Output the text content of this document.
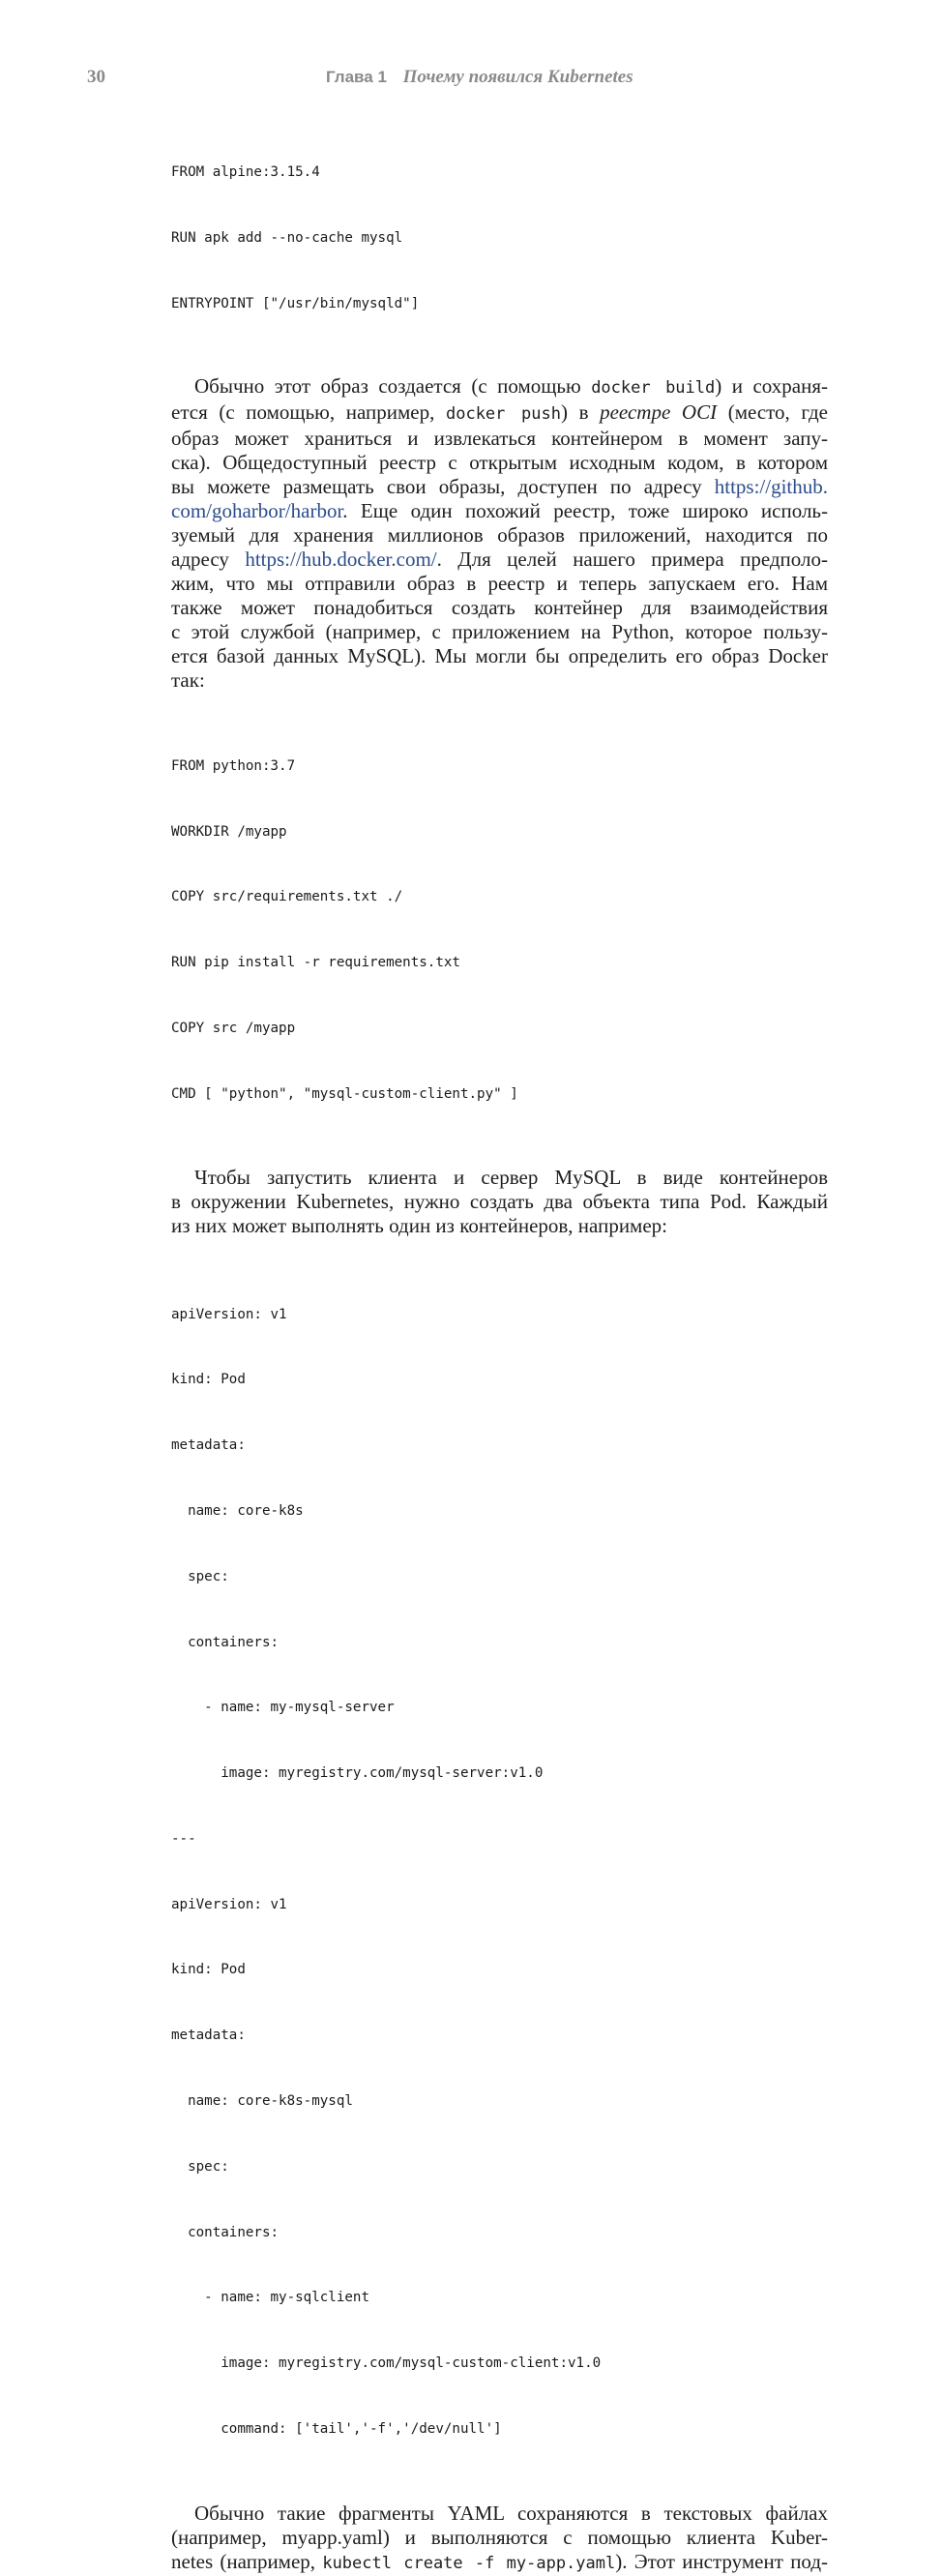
30	Глава 1 Почему появился Kubernetes

FROM alpine:3.15.4

RUN apk add --no-cache mysql

ENTRYPOINT ["/usr/bin/mysqld"]

Обычно этот образ создается (с помощью docker build) и сохраня-
ется (с помощью, например, docker push) в реестре OCI (место, где
образ может храниться и извлекаться контейнером в момент запу-
ска). Общедоступный реестр с открытым исходным кодом, в котором
вы можете размещать свои образы, доступен по адресу https://github.
com/goharbor/harbor. Еще один похожий реестр, тоже широко исполь-
зуемый для хранения миллионов образов приложений, находится по
адресу https://hub.docker.com/. Для целей нашего примера предполо-
жим, что мы отправили образ в реестр и теперь запускаем его. Нам
также может понадобиться создать контейнер для взаимодействия
с этой службой (например, с приложением на Python, которое пользу-
ется базой данных MySQL). Мы могли бы определить его образ Docker
так:

FROM python:3.7

WORKDIR /myapp

COPY src/requirements.txt ./

RUN pip install -r requirements.txt

COPY src /myapp

CMD [ "python", "mysql-custom-client.py" ]

Чтобы запустить клиента и сервер MySQL в виде контейнеров
в окружении Kubernetes, нужно создать два объекта типа Pod. Каждый
из них может выполнять один из контейнеров, например:

apiVersion: v1

kind: Pod

metadata:

name: core-k8s

spec:

containers:

- name: my-mysql-server

image: myregistry.com/mysql-server:v1.0

---

apiVersion: v1

kind: Pod

metadata:

name: core-k8s-mysql

spec:

containers:

- name: my-sqlclient

image: myregistry.com/mysql-custom-client:v1.0

command: ['tail','-f','/dev/null']

Обычно такие фрагменты YAML сохраняются в текстовых файлах
(например, myapp.yaml) и выполняются с помощью клиента Kuber-
netes (например, kubectl create -f my-app.yaml). Этот инструмент под-
